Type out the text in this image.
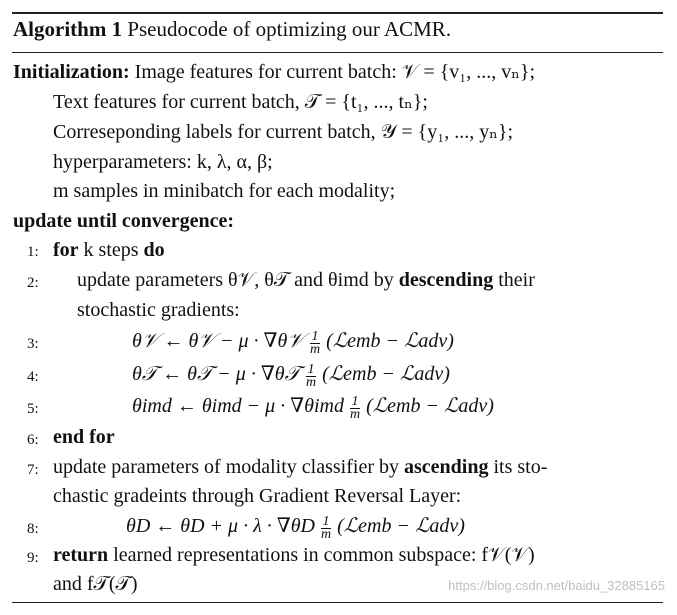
Algorithm 1 Pseudocode of optimizing our ACMR.
Initialization: Image features for current batch: 𝒱 = {v₁, ..., vₙ};
Text features for current batch, 𝒯 = {t₁, ..., tₙ};
Correseponding labels for current batch, 𝒴 = {y₁, ..., yₙ};
hyperparameters: k, λ, α, β;
m samples in minibatch for each modality;
update until convergence:
1: for k steps do
2: update parameters θ𝒱, θ𝒯 and θimd by descending their
stochastic gradients:
3:	θ𝒱 ← θ𝒱 − μ · ∇θ𝒱 $\frac{1}{m}$ (ℒemb − ℒadv)
4:	θ𝒯 ← θ𝒯 − μ · ∇θ𝒯 $\frac{1}{m}$ (ℒemb − ℒadv)
5:	θimd ← $\theta imd - \mu \cdot \nabla\theta imd \frac{1}{m}$ (ℒemb − ℒadv)
6: end for
7: update parameters of modality classifier by ascending its sto-
chastic gradeints through Gradient Reversal Layer:
8:	θD ← $\theta D + \mu \cdot \lambda \cdot \nabla\theta D \frac{1}{m}$ (ℒemb − ℒadv)
9: return learned representations in common subspace: f𝒱(𝒱)
and f𝒯(𝒯)	https://blog.csdn.net/baidu_32885165
